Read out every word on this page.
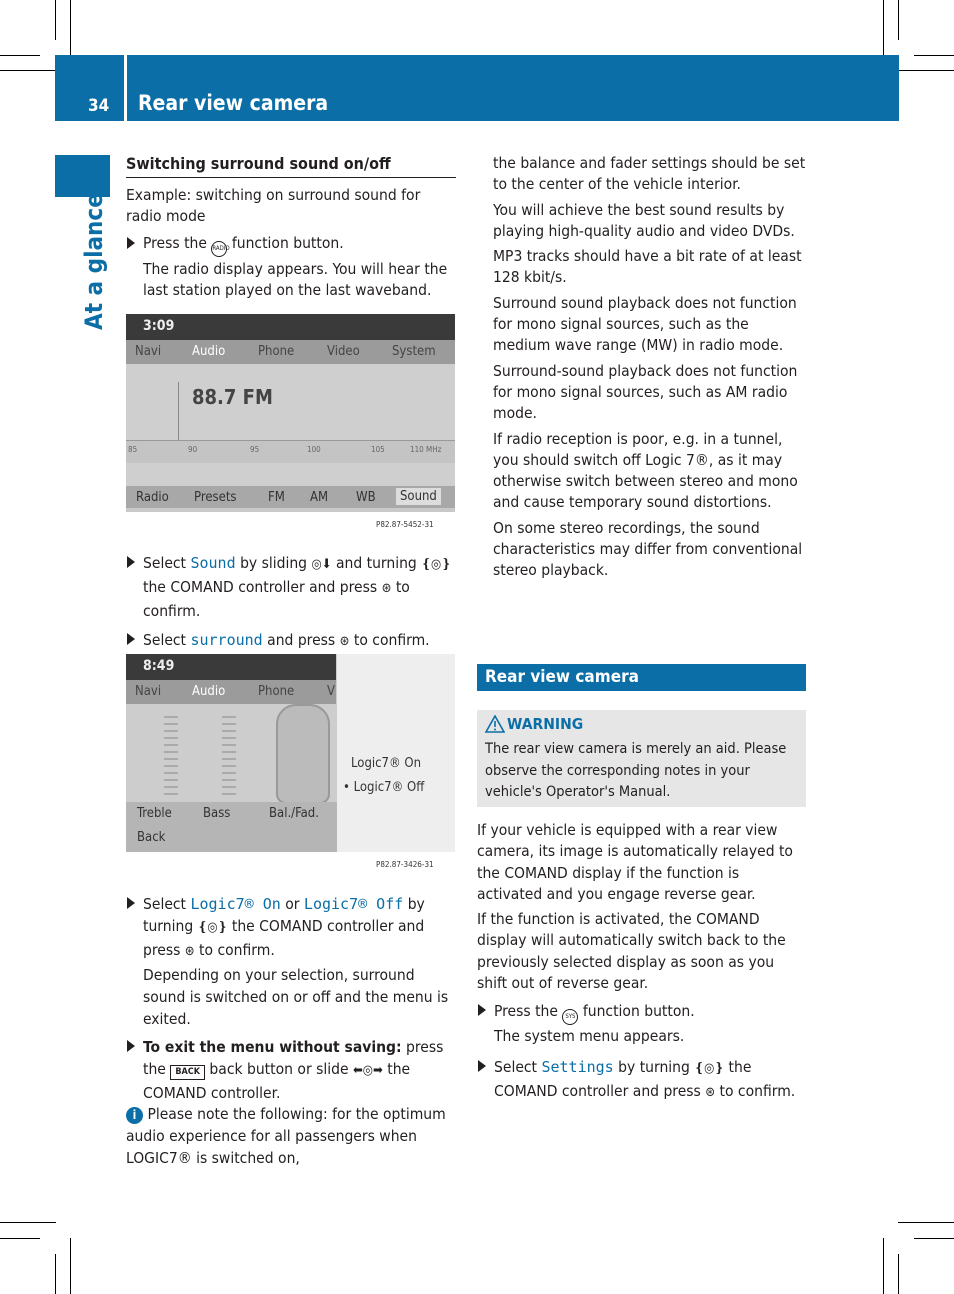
34 Rear view camera
At a glance
Switching surround sound on/off

Example: switching on surround sound for radio mode

Press the RADIO function button.
The radio display appears. You will hear the last station played on the last waveband.
3:09
Navi Audio	Phone	Video System
88.7 FM
85	90	95	100	105	110 MHz
Radio Presets FM AM WB	Sound
P82.87-5452-31
Select Sound by sliding ◎⬇ and turning ❴◎❵ the COMAND controller and press ⊛ to confirm.
Select surround and press ⊛ to confirm.
8:49
Navi Audio	Phone	V
Logic7® On
• Logic7® Off
Treble Bass	Bal./Fad.
Back
P82.87-3426-31
Select Logic7® On or Logic7® Off by turning ❴◎❵ the COMAND controller and press ⊛ to confirm.
Depending on your selection, surround sound is switched on or off and the menu is exited.
To exit the menu without saving: press the BACK back button or slide ⬅◎➡ the COMAND controller.
i Please note the following: for the optimum audio experience for all passengers when LOGIC7® is switched on,

the balance and fader settings should be set to the center of the vehicle interior.

You will achieve the best sound results by playing high-quality audio and video DVDs.

MP3 tracks should have a bit rate of at least 128 kbit/s.

Surround sound playback does not function for mono signal sources, such as the medium wave range (MW) in radio mode.

Surround-sound playback does not function for mono signal sources, such as AM radio mode.

If radio reception is poor, e.g. in a tunnel, you should switch off Logic 7®, as it may otherwise switch between stereo and mono and cause temporary sound distortions.

On some stereo recordings, the sound characteristics may differ from conventional stereo playback.

Rear view camera
WARNING
The rear view camera is merely an aid. Please observe the corresponding notes in your vehicle's Operator's Manual.

If your vehicle is equipped with a rear view camera, its image is automatically relayed to the COMAND display if the function is activated and you engage reverse gear.

If the function is activated, the COMAND display will automatically switch back to the previously selected display as soon as you shift out of reverse gear.

Press the SYS function button.
The system menu appears.
Select Settings by turning ❴◎❵ the COMAND controller and press ⊛ to confirm.
